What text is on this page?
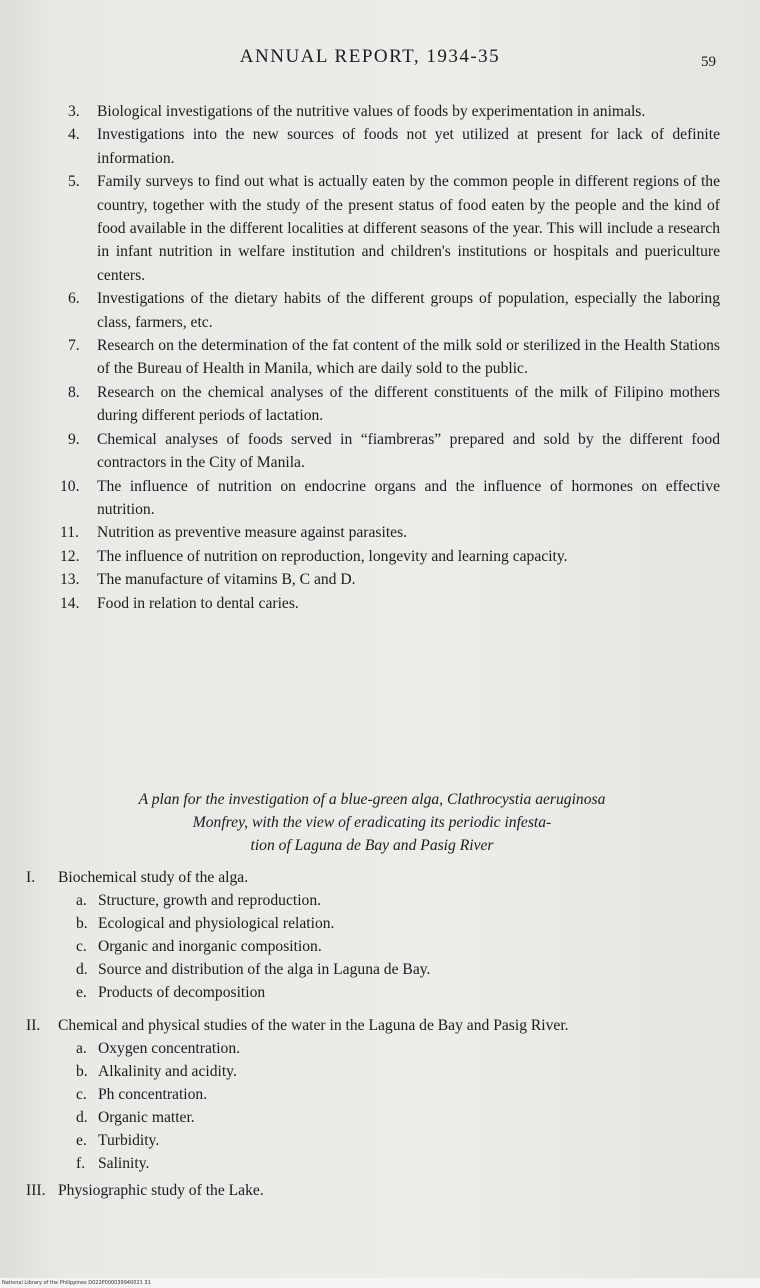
ANNUAL REPORT, 1934-35	59
3. Biological investigations of the nutritive values of foods by experimentation in animals.
4. Investigations into the new sources of foods not yet utilized at present for lack of definite information.
5. Family surveys to find out what is actually eaten by the common people in different regions of the country, together with the study of the present status of food eaten by the people and the kind of food available in the different localities at different seasons of the year. This will include a research in infant nutrition in welfare institution and children's institutions or hospitals and puericulture centers.
6. Investigations of the dietary habits of the different groups of population, especially the laboring class, farmers, etc.
7. Research on the determination of the fat content of the milk sold or sterilized in the Health Stations of the Bureau of Health in Manila, which are daily sold to the public.
8. Research on the chemical analyses of the different constituents of the milk of Filipino mothers during different periods of lactation.
9. Chemical analyses of foods served in “fiambreras” prepared and sold by the different food contractors in the City of Manila.
10. The influence of nutrition on endocrine organs and the influence of hormones on effective nutrition.
11. Nutrition as preventive measure against parasites.
12. The influence of nutrition on reproduction, longevity and learning capacity.
13. The manufacture of vitamins B, C and D.
14. Food in relation to dental caries.
A plan for the investigation of a blue-green alga, Clathrocystia aeruginosa
Monfrey, with the view of eradicating its periodic infesta-
tion of Laguna de Bay and Pasig River
I. Biochemical study of the alga.
a. Structure, growth and reproduction.
b. Ecological and physiological relation.
c. Organic and inorganic composition.
d. Source and distribution of the alga in Laguna de Bay.
e. Products of decomposition
II. Chemical and physical studies of the water in the Laguna de Bay and Pasig River.
a. Oxygen concentration.
b. Alkalinity and acidity.
c. Ph concentration.
d. Organic matter.
e. Turbidity.
f. Salinity.
III. Physiographic study of the Lake.
National Library of the Philippines D022P000039940021 31
